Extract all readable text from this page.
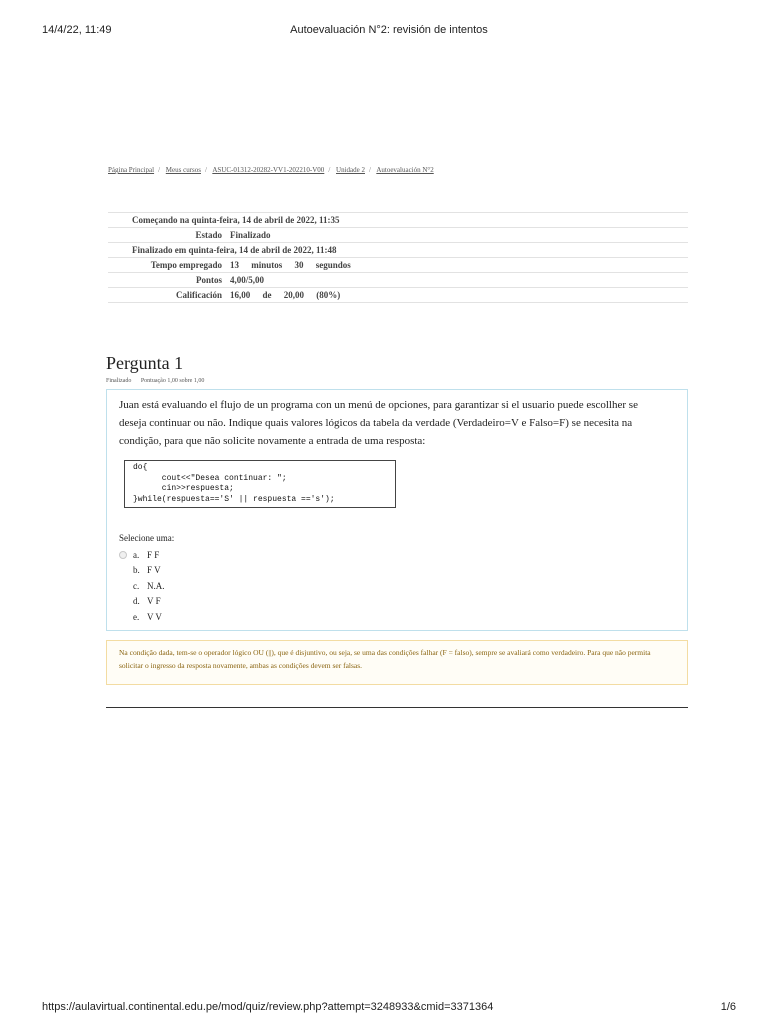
14/4/22, 11:49	Autoevaluación N°2: revisión de intentos
Página Principal / Meus cursos / ASUC-01312-20282-VV1-202210-V00 / Unidade 2 / Autoevaluación N°2
Começando na quinta-feira, 14 de abril de 2022, 11:35	
Estado	Finalizado
Finalizado em quinta-feira, 14 de abril de 2022, 11:48	
Tempo empregado	13 minutos 30 segundos
Pontos	4,00/5,00
Calificación	16,00 de 20,00 (80%)
Pergunta 1
Finalizado Pontuação 1,00 sobre 1,00
Juan está evaluando el flujo de un programa con un menú de opciones, para garantizar si el usuario puede escollher se deseja continuar ou não. Indique quais valores lógicos da tabela da verdade (Verdadeiro=V e Falso=F) se necesita na condição, para que não solicite novamente a entrada de uma resposta:
do{
cout<<"Desea continuar: ";
cin>>respuesta;
}while(respuesta=='S' || respuesta =='s');
Selecione uma:
a. F F
b. F V
c. N.A.
d. V F
e. V V
Na condição dada, tem-se o operador lógico OU (||), que é disjuntivo, ou seja, se uma das condições falhar (F = falso), sempre se avaliará como verdadeiro. Para que não permita solicitar o ingresso da resposta novamente, ambas as condições devem ser falsas.
https://aulavirtual.continental.edu.pe/mod/quiz/review.php?attempt=3248933&cmid=3371364	1/6
